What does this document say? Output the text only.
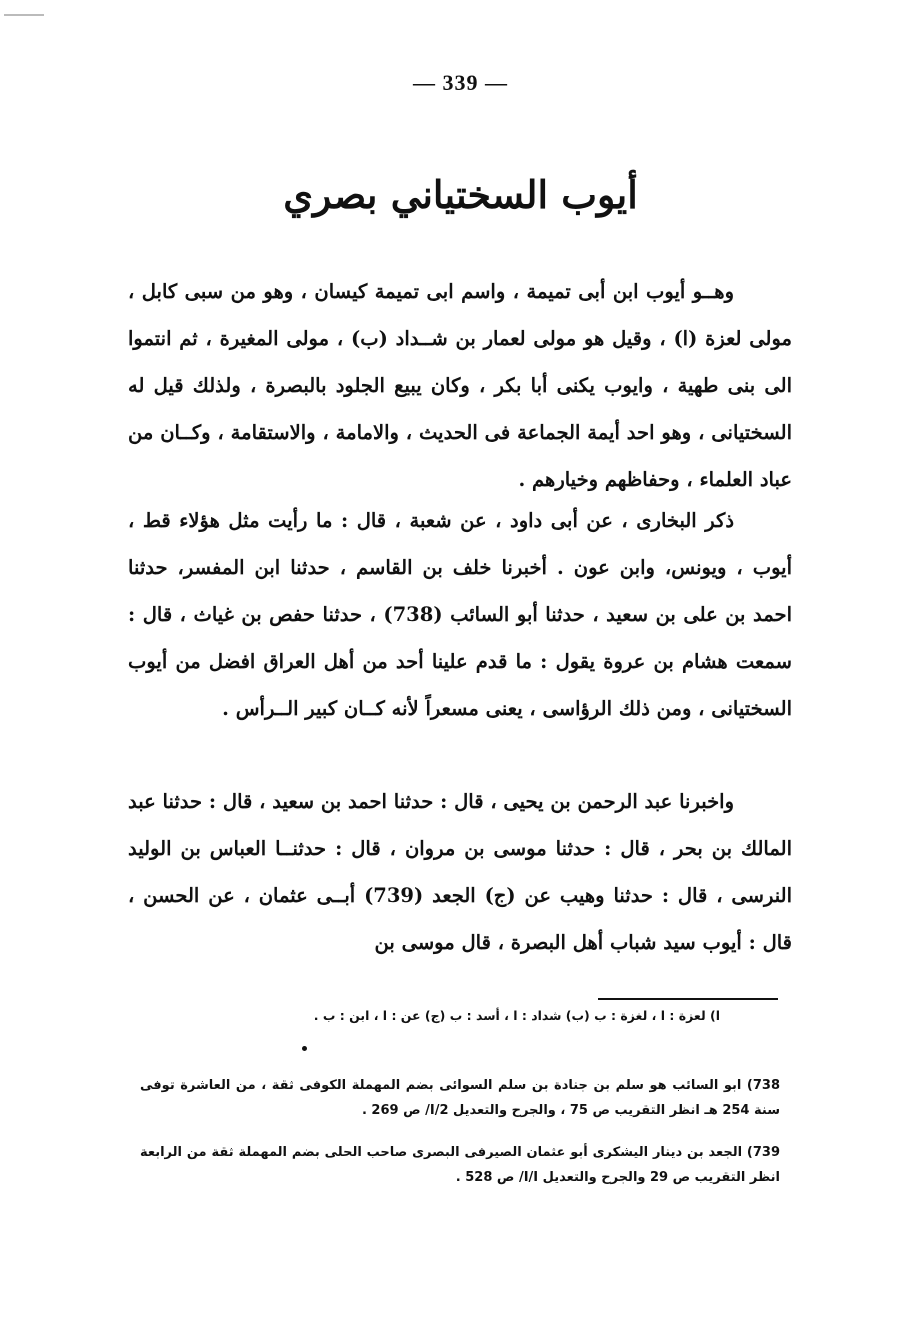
— 339 —
أيوب السختياني بصري

وهــو أيوب ابن أبى تميمة ، واسم ابى تميمة كيسان ، وهو من سبى كابل ، مولى لعزة (ا) ، وقيل هو مولى لعمار بن شــداد (ب) ، مولى المغيرة ، ثم انتموا الى بنى طهية ، وايوب يكنى أبا بكر ، وكان يبيع الجلود بالبصرة ، ولذلك قيل له السختيانى ، وهو احد أيمة الجماعة فى الحديث ، والامامة ، والاستقامة ، وكــان من عباد العلماء ، وحفاظهم وخيارهم .

ذكر البخارى ، عن أبى داود ، عن شعبة ، قال : ما رأيت مثل هؤلاء قط ، أيوب ، ويونس، وابن عون . أخبرنا خلف بن القاسم ، حدثنا ابن المفسر، حدثنا احمد بن على بن سعيد ، حدثنا أبو السائب (738) ، حدثنا حفص بن غياث ، قال : سمعت هشام بن عروة يقول : ما قدم علينا أحد من أهل العراق افضل من أيوب السختيانى ، ومن ذلك الرؤاسى ، يعنى مسعراً لأنه كــان كبير الــرأس .

واخبرنا عبد الرحمن بن يحيى ، قال : حدثنا احمد بن سعيد ، قال : حدثنا عبد المالك بن بحر ، قال : حدثنا موسى بن مروان ، قال : حدثنــا العباس بن الوليد النرسى ، قال : حدثنا وهيب عن (ج) الجعد (739) أبــى عثمان ، عن الحسن ، قال : أيوب سيد شباب أهل البصرة ، قال موسى بن

ا) لعزة : ا ، لغزة : ب (ب) شداد : ا ، أسد : ب (ج) عن : ا ، ابن : ب .

738) ابو السائب هو سلم بن جنادة بن سلم السوائى بضم المهملة الكوفى ثقة ، من العاشرة توفى سنة 254 هـ انظر التقريب ص 75 ، والجرح والتعديل 2/I/ ص 269 .

739) الجعد بن دينار اليشكرى أبو عثمان الصيرفى البصرى صاحب الحلى بضم المهملة ثقة من الرابعة انظر التقريب ص 29 والجرح والتعديل I/I/ ص 528 .
